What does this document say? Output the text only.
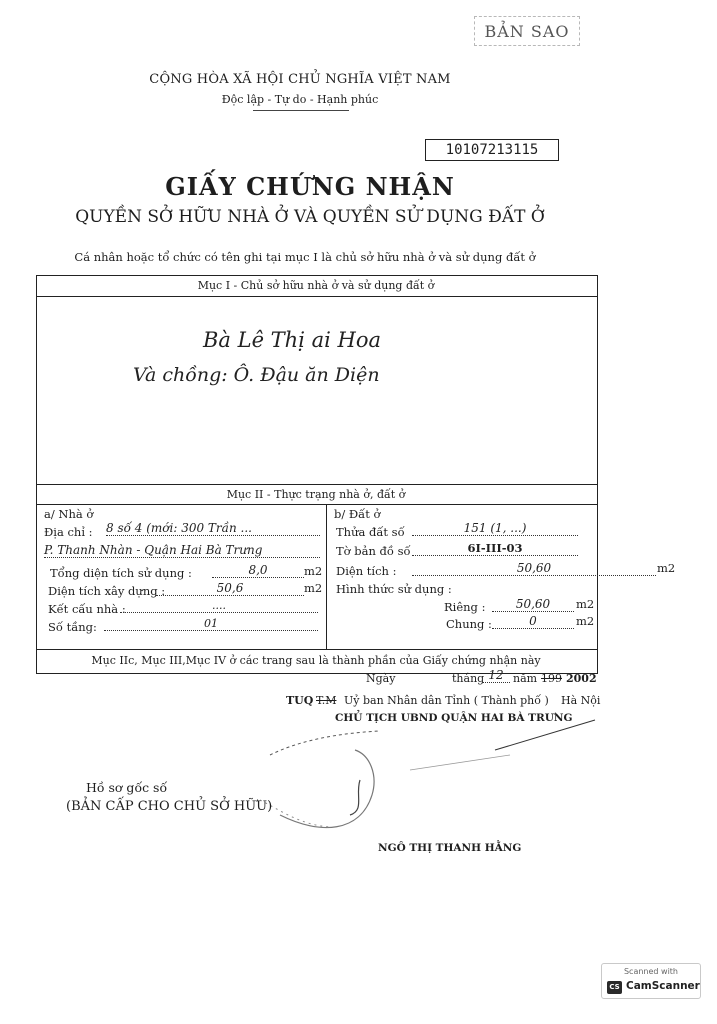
BẢN SAO
CỘNG HÒA XÃ HỘI CHỦ NGHĨA VIỆT NAM
Độc lập - Tự do - Hạnh phúc
10107213115
GIẤY CHỨNG NHẬN
QUYỀN SỞ HỮU NHÀ Ở VÀ QUYỀN SỬ DỤNG ĐẤT Ở
Cá nhân hoặc tổ chức có tên ghi tại mục I là chủ sở hữu nhà ở và sử dụng đất ở
Mục I - Chủ sở hữu nhà ở và sử dụng đất ở
Bà Lê Thị ai Hoa
Và chồng: Ô. Đậu ăn Diện
Mục II - Thực trạng nhà ở, đất ở
a/ Nhà ở
Địa chỉ : 8 số 4 (mới: 300 Trần ...
P. Thanh Nhàn - Quận Hai Bà Trưng
Tổng diện tích sử dụng :	8,0	m2
Diện tích xây dựng :	50,6	m2
Kết cấu nhà :	....
Số tầng:	01
b/ Đất ở
Thửa đất số	151 (1, ...)
Tờ bản đồ số	6I-III-03
Diện tích :	50,60	m2
Hình thức sử dụng :
Riêng :	50,60	m2
Chung :	0	m2
Mục IIc, Mục III,Mục IV ở các trang sau là thành phần của Giấy chứng nhận này
Ngày	tháng 12 năm 199 2002
TUQ T.M Uỷ ban Nhân dân Tỉnh ( Thành phố ) Hà Nội
CHỦ TỊCH UBND QUẬN HAI BÀ TRƯNG
NGÔ THỊ THANH HẰNG
Hồ sơ gốc số
(BẢN CẤP CHO CHỦ SỞ HỮU)
Scanned with
CS CamScanner
